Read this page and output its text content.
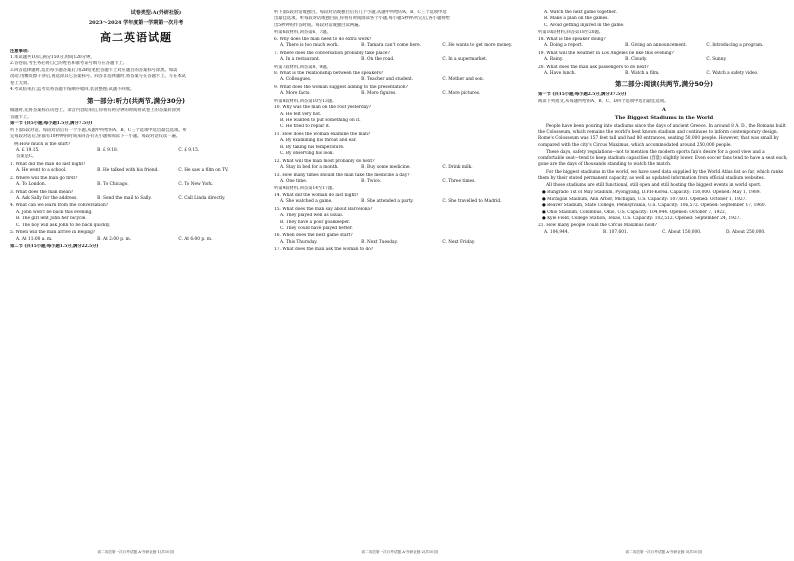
试卷类型:A(外研社版)
2023～2024 学年度第一学期第一次月考
高二英语试题
注意事项:
1.本试题共10页,满分150分,时间120分钟。
2.答卷前,考生务必将自己的姓名和准考证号填写在答题卡上。
3.回答选择题时,选出每小题答案后,用2B铅笔把答题卡上对应题目的答案标号涂黑。如需
改动,用橡皮擦干净后,再选涂其它答案标号。回答非选择题时,将答案写在答题卡上。写在本试
卷上无效。
4.考试结束后,监考员将答题卡按顺序收回,装袋整理;试题不回收。
第一部分:听力(共两节,满分30分)
做题时,先将答案标在试卷上。录音内容结束后,你将有两分钟的时间将试卷上的答案转涂到
答题卡上。
第一节 (共5小题;每小题1.5分,满分7.5分)
听下面5段对话。每段对话后有一个小题,从题中所给的A、B、C三个选项中选出最佳选项。听
完每段对话后,你都有10秒钟的时间来回答有关小题和阅读下一小题。每段对话仅读一遍。
例:How much is the shirt?
A. £ 19.15.	B. £ 9.18.	C. £ 9.15.
答案是C。
1. What did the man do last night?
A. He went to a school.	B. He talked with his friend.	C. He saw a film on TV.
2. Where will the man go first?
A. To London.	B. To Chicago.	C. To New York.
3. What does the man mean?
A. Ask Sally for the address.	B. Send the mail to Sally.	C. Call Linda directly.
4. What can we learn from the conversation?
A. John won't be back this evening.
B. The girl lent John her bicycle.
C. The boy will ask John to be back quickly.
5. When will the man arrive in Beijing?
A. At 11:00 a. m.	B. At 2:00 p. m.	C. At 6:00 p. m.
第二节 (共15小题;每小题1.5分,满分22.5分)
高二英语第一次月考试题 A-外研社版-1(共10页)
听下面5段对话或独白。每段对话或独白后有几个小题,从题中所给的A、B、C三个选项中选
出最佳选项。听每段对话或独白前,你将有时间阅读各个小题,每小题5秒钟;听完后,各小题将给
出5秒钟的作答时间。每段对话或独白读两遍。
听第6段材料,回答第6、7题。
6. Why does the man need to do extra work?
A. There is too much work.	B. Tamara can't come here.	C. He wants to get more money.
7. Where does the conversation probably take place?
A. In a restaurant.	B. On the road.	C. In a supermarket.
听第7段材料,回答第8、9题。
8. What is the relationship between the speakers?
A. Colleagues.	B. Teacher and student.	C. Mother and son.
9. What does the woman suggest adding to the presentation?
A. More facts.	B. More figures.	C. More pictures.
听第8段材料,回答第10至13题。
10. Why was the man on the roof yesterday?
A. He felt very hot.
B. He wanted to put something on it.
C. He tried to repair it.
11. How does the woman examine the man?
A. By examining his throat and ear.
B. By taking his temperature.
C. By observing his look.
12. What will the man most probably do next?
A. Stay in bed for a month.	B. Buy some medicine.	C. Drink milk.
13. How many times should the man take the medicine a day?
A. One time.	B. Twice.	C. Three times.
听第9段材料,回答第14至17题。
14. What did the woman do last night?
A. She watched a game.	B. She attended a party.	C. She travelled to Madrid.
15. What does the man say about Barcelona?
A. They played well as usual.
B. They have a poor goalkeeper.
C. They could have played better.
16. When does the next game start?
A. This Thursday.	B. Next Tuesday.	C. Next Friday.
17. What does the man ask the woman to do?
高二英语第一次月考试题 A-外研社版-2(共10页)
A. Watch the next game together.
B. Make a plan on the games.
C. Avoid getting injured in the game.
听第10段材料,回答第18至20题。
18. What is the speaker doing?
A. Doing a report.	B. Giving an announcement.	C. Introducing a program.
19. What will the weather in Los Angeles be like this evening?
A. Rainy.	B. Cloudy.	C. Sunny.
20. What does the man ask passengers to do next?
A. Have lunch.	B. Watch a film.	C. Watch a safety video.
第二部分:阅读(共两节,满分50分)
第一节 (共15小题;每小题2.5分,满分37.5分)
阅读下列短文,从每题所给的A、B、C、D四个选项中选出最佳选项。
A
The Biggest Stadiums in the World
People have been pouring into stadiums since the days of ancient Greece. In around 8 A. D., the Romans built the Colosseum, which remains the world's best known stadium and continues to inform contemporary design. Rome's Colosseum was 157 feet tall and had 80 entrances, seating 50,000 people. However, that was small by compared with the city's Circus Maximus, which accommodated around 250,000 people.
These days, safety regulations—not to mention the modern sports fan's desire for a good view and a comfortable seat—tend to keep stadium capacities (容量) slightly lower. Even soccer fans tend to have a seat each; gone are the days of thousands standing to watch the match.
For the biggest stadiums in the world, we have used data supplied by the World Atlas list so far, which ranks them by their stated permanent capacity, as well as updated information from official stadium websites.
All those stadiums are still functional, still open and still hosting the biggest events in world sport.
● Rungrado 1st of May Stadium, Pyongyang, D.P.R-Korea. Capacity: 150,000. Opened: May 1, 1989.
● Michigan Stadium, Ann Arbor, Michigan, U.S. Capacity: 107,601. Opened: October 1, 1927.
● Beaver Stadium, State College, Pennsylvania, U.S. Capacity: 106,572. Opened: September 17, 1960.
● Ohio Stadium, Columbus, Ohio, U.S. Capacity: 104,944. Opened: October 7, 1922.
● Kyle Field, College Station, Texas, U.S. Capacity: 102,512. Opened: September 24, 1927.
21. How many people could the Circus Maximus hold?
A. 104,944.	B. 107,601.	C. About 150,000.	D. About 250,000.
高二英语第一次月考试题 A-外研社版-3(共10页)
